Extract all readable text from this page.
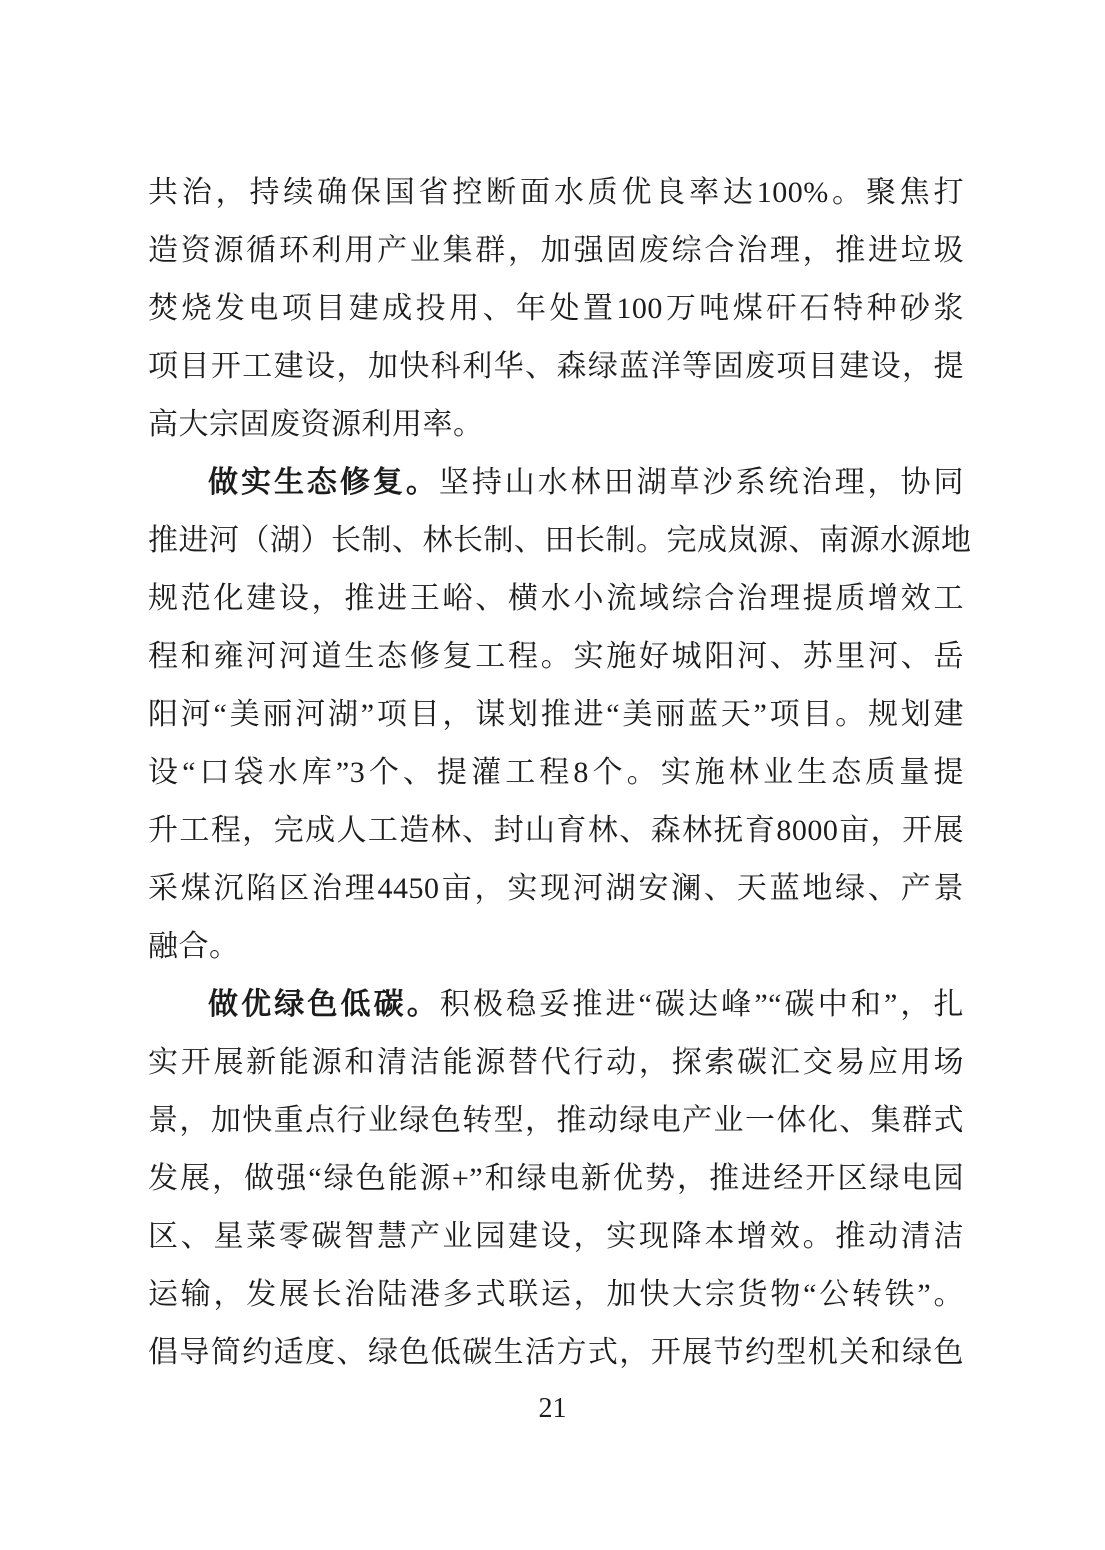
共治，持续确保国省控断面水质优良率达100%。聚焦打
造资源循环利用产业集群，加强固废综合治理，推进垃圾
焚烧发电项目建成投用、年处置100万吨煤矸石特种砂浆
项目开工建设，加快科利华、森绿蓝洋等固废项目建设，提
高大宗固废资源利用率。
做实生态修复。坚持山水林田湖草沙系统治理，协同
推进河（湖）长制、林长制、田长制。完成岚源、南源水源地
规范化建设，推进王峪、横水小流域综合治理提质增效工
程和雍河河道生态修复工程。实施好城阳河、苏里河、岳
阳河“美丽河湖”项目，谋划推进“美丽蓝天”项目。规划建
设“口袋水库”3个、提灌工程8个。实施林业生态质量提
升工程，完成人工造林、封山育林、森林抚育8000亩，开展
采煤沉陷区治理4450亩，实现河湖安澜、天蓝地绿、产景
融合。
做优绿色低碳。积极稳妥推进“碳达峰”“碳中和”，扎
实开展新能源和清洁能源替代行动，探索碳汇交易应用场
景，加快重点行业绿色转型，推动绿电产业一体化、集群式
发展，做强“绿色能源+”和绿电新优势，推进经开区绿电园
区、星菜零碳智慧产业园建设，实现降本增效。推动清洁
运输，发展长治陆港多式联运，加快大宗货物“公转铁”。
倡导简约适度、绿色低碳生活方式，开展节约型机关和绿色
21
